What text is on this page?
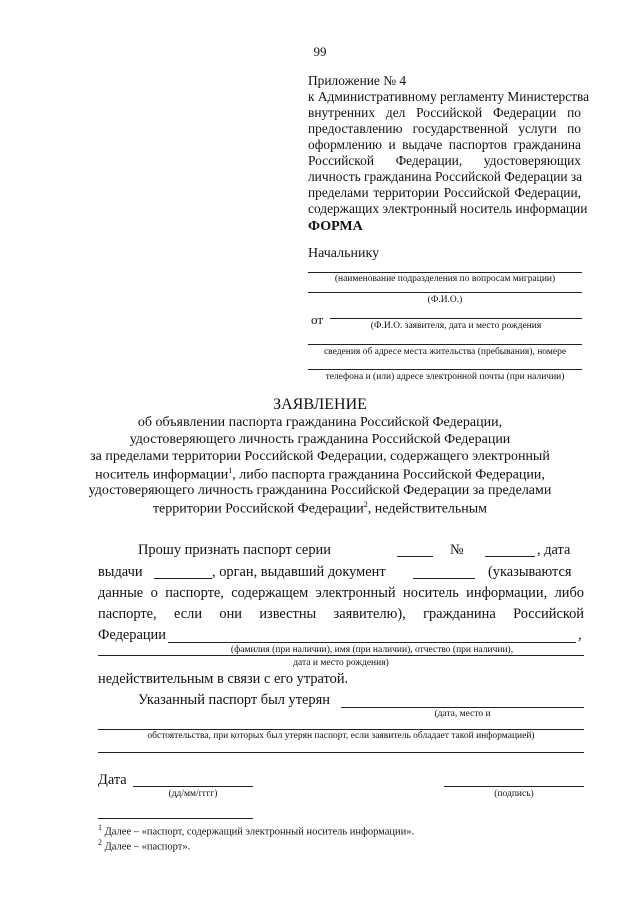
99
Приложение № 4
к Административному регламенту Министерства
внутренних дел Российской Федерации по
предоставлению государственной услуги по
оформлению и выдаче паспортов гражданина
Российской Федерации, удостоверяющих
личность гражданина Российской Федерации за
пределами территории Российской Федерации,
содержащих электронный носитель информации
ФОРМА
Начальнику
(наименование подразделения по вопросам миграции)
(Ф.И.О.)
от	(Ф.И.О. заявителя, дата и место рождения
сведения об адресе места жительства (пребывания), номере
телефона и (или) адресе электронной почты (при наличии)
ЗАЯВЛЕНИЕ
об объявлении паспорта гражданина Российской Федерации,
удостоверяющего личность гражданина Российской Федерации
за пределами территории Российской Федерации, содержащего электронный
носитель информации$^1$, либо паспорта гражданина Российской Федерации,
удостоверяющего личность гражданина Российской Федерации за пределами
территории Российской Федерации$^2$, недействительным
Прошу признать паспорт серии	№	, дата
выдачи	, орган, выдавший документ	(указываются
данные о паспорте, содержащем электронный носитель информации, либо
паспорте, если они известны заявителю), гражданина Российской
Федерации	,
(фамилия (при наличии), имя (при наличии), отчество (при наличии),
дата и место рождения)
недействительным в связи с его утратой.
Указанный паспорт был утерян
(дата, место и
обстоятельства, при которых был утерян паспорт, если заявитель обладает такой информацией)
Дата
(дд/мм/гггг)	(подпись)
$^1$ Далее – «паспорт, содержащий электронный носитель информации».
$^2$ Далее – «паспорт».
